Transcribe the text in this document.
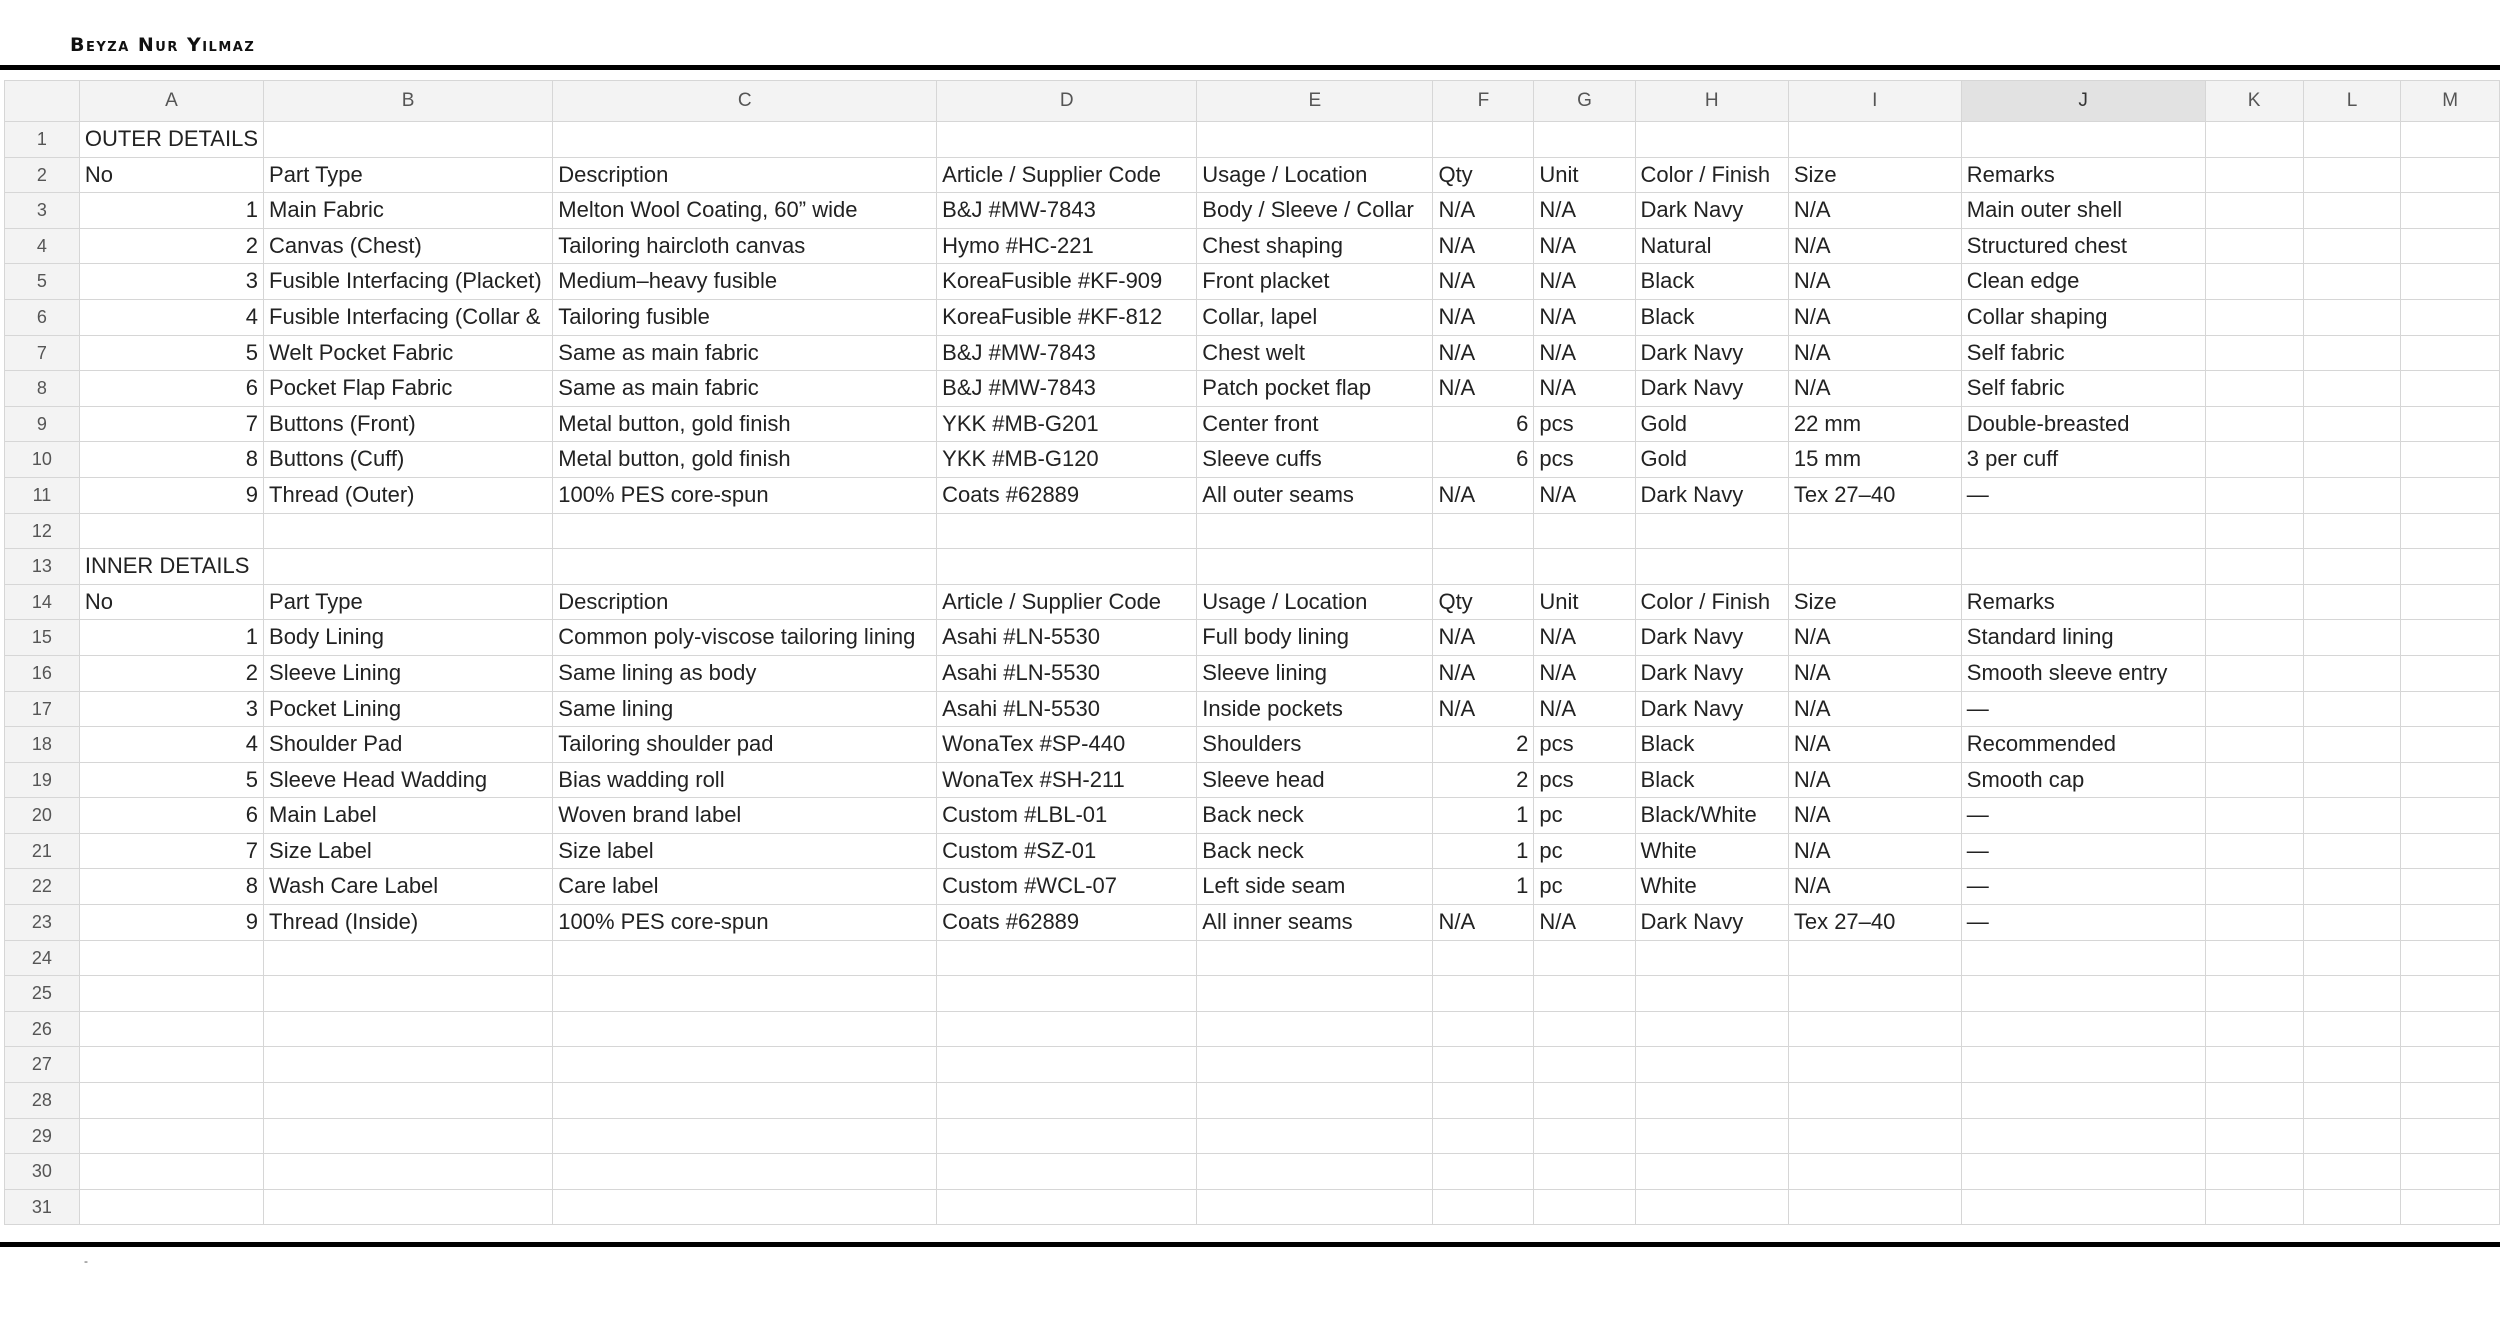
Beyza Nur Yilmaz
	A	B	C	D	E	F	G	H	I	J	K	L	M
1	OUTER DETAILS												
2	No	Part Type	Description	Article / Supplier Code	Usage / Location	Qty	Unit	Color / Finish	Size	Remarks			
3	1	Main Fabric	Melton Wool Coating, 60” wide	B&J #MW-7843	Body / Sleeve / Collar	N/A	N/A	Dark Navy	N/A	Main outer shell			
4	2	Canvas (Chest)	Tailoring haircloth canvas	Hymo #HC-221	Chest shaping	N/A	N/A	Natural	N/A	Structured chest			
5	3	Fusible Interfacing (Placket)	Medium–heavy fusible	KoreaFusible #KF-909	Front placket	N/A	N/A	Black	N/A	Clean edge			
6	4	Fusible Interfacing (Collar &	Tailoring fusible	KoreaFusible #KF-812	Collar, lapel	N/A	N/A	Black	N/A	Collar shaping			
7	5	Welt Pocket Fabric	Same as main fabric	B&J #MW-7843	Chest welt	N/A	N/A	Dark Navy	N/A	Self fabric			
8	6	Pocket Flap Fabric	Same as main fabric	B&J #MW-7843	Patch pocket flap	N/A	N/A	Dark Navy	N/A	Self fabric			
9	7	Buttons (Front)	Metal button, gold finish	YKK #MB-G201	Center front	6	pcs	Gold	22 mm	Double-breasted			
10	8	Buttons (Cuff)	Metal button, gold finish	YKK #MB-G120	Sleeve cuffs	6	pcs	Gold	15 mm	3 per cuff			
11	9	Thread (Outer)	100% PES core-spun	Coats #62889	All outer seams	N/A	N/A	Dark Navy	Tex 27–40	—			
12													
13	INNER DETAILS												
14	No	Part Type	Description	Article / Supplier Code	Usage / Location	Qty	Unit	Color / Finish	Size	Remarks			
15	1	Body Lining	Common poly-viscose tailoring lining	Asahi #LN-5530	Full body lining	N/A	N/A	Dark Navy	N/A	Standard lining			
16	2	Sleeve Lining	Same lining as body	Asahi #LN-5530	Sleeve lining	N/A	N/A	Dark Navy	N/A	Smooth sleeve entry			
17	3	Pocket Lining	Same lining	Asahi #LN-5530	Inside pockets	N/A	N/A	Dark Navy	N/A	—			
18	4	Shoulder Pad	Tailoring shoulder pad	WonaTex #SP-440	Shoulders	2	pcs	Black	N/A	Recommended			
19	5	Sleeve Head Wadding	Bias wadding roll	WonaTex #SH-211	Sleeve head	2	pcs	Black	N/A	Smooth cap			
20	6	Main Label	Woven brand label	Custom #LBL-01	Back neck	1	pc	Black/White	N/A	—			
21	7	Size Label	Size label	Custom #SZ-01	Back neck	1	pc	White	N/A	—			
22	8	Wash Care Label	Care label	Custom #WCL-07	Left side seam	1	pc	White	N/A	—			
23	9	Thread (Inside)	100% PES core-spun	Coats #62889	All inner seams	N/A	N/A	Dark Navy	Tex 27–40	—			
24													
25													
26													
27													
28													
29													
30													
31													
-
